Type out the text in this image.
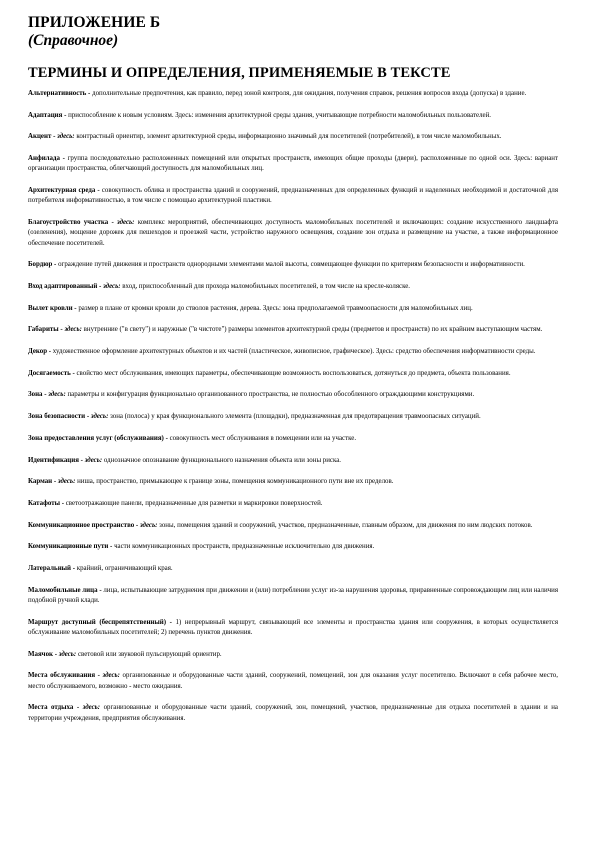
ПРИЛОЖЕНИЕ Б
(Справочное)
ТЕРМИНЫ И ОПРЕДЕЛЕНИЯ, ПРИМЕНЯЕМЫЕ В ТЕКСТЕ

Альтернативность - дополнительные предпочтения, как правило, перед зоной контроля, для ожидания, получения справок, решения вопросов входа (допуска) в здание.

Адаптация - приспособление к новым условиям. Здесь: изменения архитектурной среды здания, учитывающие потребности маломобильных пользователей.

Акцент - здесь: контрастный ориентир, элемент архитектурной среды, информационно значимый для посетителей (потребителей), в том числе маломобильных.

Анфилада - группа последовательно расположенных помещений или открытых пространств, имеющих общие проходы (двери), расположенные по одной оси. Здесь: вариант организации пространства, облегчающий доступность для маломобильных лиц.

Архитектурная среда - совокупность облика и пространства зданий и сооружений, предназначенных для определенных функций и наделенных необходимой и достаточной для потребителя информативностью, в том числе с помощью архитектурной пластики.

Благоустройство участка - здесь: комплекс мероприятий, обеспечивающих доступность маломобильных посетителей и включающих: создание искусственного ландшафта (озеленения), мощение дорожек для пешеходов и проезжей части, устройство наружного освещения, создание зон отдыха и размещение на участке, а также информационное обеспечение посетителей.

Бордюр - ограждение путей движения и пространств однородными элементами малой высоты, совмещающее функции по критериям безопасности и информативности.

Вход адаптированный - здесь: вход, приспособленный для прохода маломобильных посетителей, в том числе на кресле-коляске.

Вылет кровли - размер в плане от кромки кровли до стволов растения, дерева. Здесь: зона предполагаемой травмоопасности для маломобильных лиц.

Габариты - здесь: внутренние ("в свету") и наружные ("в чистоте") размеры элементов архитектурной среды (предметов и пространств) по их крайним выступающим частям.

Декор - художественное оформление архитектурных объектов и их частей (пластическое, живописное, графическое). Здесь: средство обеспечения информативности среды.

Досягаемость - свойство мест обслуживания, имеющих параметры, обеспечивающие возможность воспользоваться, дотянуться до предмета, объекта пользования.

Зона - здесь: параметры и конфигурация функционально организованного пространства, не полностью обособленного ограждающими конструкциями.

Зона безопасности - здесь: зона (полоса) у края функционального элемента (площадки), предназначенная для предотвращения травмоопасных ситуаций.

Зона предоставления услуг (обслуживания) - совокупность мест обслуживания в помещении или на участке.

Идентификация - здесь: однозначное опознавание функционального назначения объекта или зоны риска.

Карман - здесь: ниша, пространство, примыкающее к границе зоны, помещения коммуникационного пути вне их пределов.

Катафоты - светоотражающие панели, предназначенные для разметки и маркировки поверхностей.

Коммуникационное пространство - здесь: зоны, помещения зданий и сооружений, участков, предназначенные, главным образом, для движения по ним людских потоков.

Коммуникационные пути - части коммуникационных пространств, предназначенные исключительно для движения.

Латеральный - крайний, ограничивающий края.

Маломобильные лица - лица, испытывающие затруднения при движении и (или) потреблении услуг из-за нарушения здоровья, приравненные сопровождающим лиц или наличия подобной ручной клади.

Маршрут доступный (беспрепятственный) - 1) непрерывный маршрут, связывающий все элементы и пространства здания или сооружения, в которых осуществляется обслуживание маломобильных посетителей; 2) перечень пунктов движения.

Маячок - здесь: световой или звуковой пульсирующий ориентир.

Места обслуживания - здесь: организованные и оборудованные части зданий, сооружений, помещений, зон для оказания услуг посетителю. Включают в себя рабочее место, место обслуживаемого, возможно - место ожидания.

Места отдыха - здесь: организованные и оборудованные части зданий, сооружений, зон, помещений, участков, предназначенные для отдыха посетителей в здании и на территории учреждения, предприятия обслуживания.
